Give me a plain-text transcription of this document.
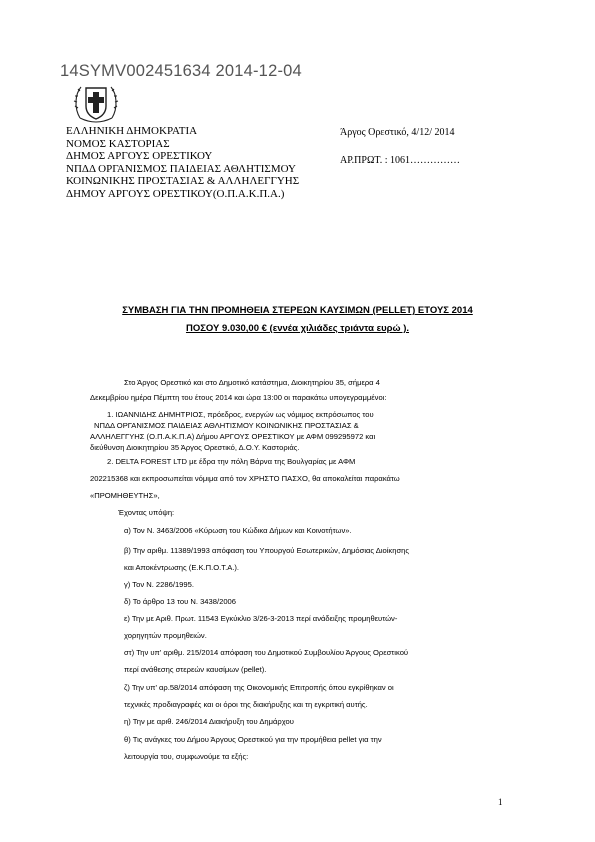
14SYMV002451634 2014-12-04
ΕΛΛΗΝΙΚΗ ΔΗΜΟΚΡΑΤΙΑ
ΝΟΜΟΣ ΚΑΣΤΟΡΙΑΣ
ΔΗΜΟΣ ΑΡΓΟΥΣ ΟΡΕΣΤΙΚΟΥ
ΝΠΔΔ ΟΡΓΑΝΙΣΜΟΣ ΠΑΙΔΕΙΑΣ ΑΘΛΗΤΙΣΜΟΥ
ΚΟΙΝΩΝΙΚΗΣ ΠΡΟΣΤΑΣΙΑΣ & ΑΛΛΗΛΕΓΓΥΗΣ
ΔΗΜΟΥ ΑΡΓΟΥΣ ΟΡΕΣΤΙΚΟΥ(Ο.Π.Α.Κ.Π.Α.)
Άργος Ορεστικό, 4/12/ 2014
ΑΡ.ΠΡΩΤ. : 1061……………
ΣΥΜΒΑΣΗ ΓΙΑ ΤΗΝ ΠΡΟΜΗΘΕΙΑ ΣΤΕΡΕΩΝ ΚΑΥΣΙΜΩΝ (PELLET) ΕΤΟΥΣ 2014
ΠΟΣΟΥ 9.030,00 € (εννέα χιλιάδες τριάντα ευρώ ).
Στο Άργος Ορεστικό και στο Δημοτικό κατάστημα, Διοικητηρίου 35, σήμερα 4
Δεκεμβρίου ημέρα Πέμπτη του έτους 2014 και ώρα 13:00 οι παρακάτω υπογεγραμμένοι:
1. ΙΩΑΝΝΙΔΗΣ ΔΗΜΗΤΡΙΟΣ, πρόεδρος, ενεργών ως νόμιμος εκπρόσωπος του
ΝΠΔΔ ΟΡΓΑΝΙΣΜΟΣ ΠΑΙΔΕΙΑΣ ΑΘΛΗΤΙΣΜΟΥ ΚΟΙΝΩΝΙΚΗΣ ΠΡΟΣΤΑΣΙΑΣ &
ΑΛΛΗΛΕΓΓΥΗΣ (Ο.Π.Α.Κ.Π.Α) Δήμου ΑΡΓΟΥΣ ΟΡΕΣΤΙΚΟΥ με ΑΦΜ 099295972 και
διεύθυνση Διοικητηρίου 35 Άργος Ορεστικό, Δ.Ο.Υ. Καστοριάς.
2. DELTA FOREST LTD με έδρα την πόλη Βάρνα της Βουλγαρίας με ΑΦΜ
202215368 και εκπροσωπείται νόμιμα από τον ΧΡΗΣΤΟ ΠΑΣΧΟ, θα αποκαλείται παρακάτω
«ΠΡΟΜΗΘΕΥΤΗΣ»,
Έχοντας υπόψη:
α) Τον Ν. 3463/2006 «Κύρωση του Κώδικα Δήμων και Κοινοτήτων».
β) Την αριθμ. 11389/1993 απόφαση του Υπουργού Εσωτερικών, Δημόσιας Διοίκησης
και Αποκέντρωσης (Ε.Κ.Π.Ο.Τ.Α.).
γ) Τον Ν. 2286/1995.
δ) Το άρθρο 13 του Ν. 3438/2006
ε) Την με Αριθ. Πρωτ. 11543 Εγκύκλιο 3/26-3-2013 περί ανάδειξης προμηθευτών-
χορηγητών προμηθειών.
στ) Την υπ' αριθμ. 215/2014 απόφαση του Δημοτικού Συμβουλίου Άργους Ορεστικού
περί ανάθεσης στερεών καυσίμων (pellet).
ζ) Την υπ' αρ.58/2014 απόφαση της Οικονομικής Επιτροπής όπου εγκρίθηκαν οι
τεχνικές προδιαγραφές και οι όροι της διακήρυξης και τη εγκριτική αυτής.
η) Την με αριθ. 246/2014 Διακήρυξη του Δημάρχου
θ) Τις ανάγκες του Δήμου Άργους Ορεστικού για την προμήθεια pellet για την
λειτουργία του, συμφωνούμε τα εξής:
1
